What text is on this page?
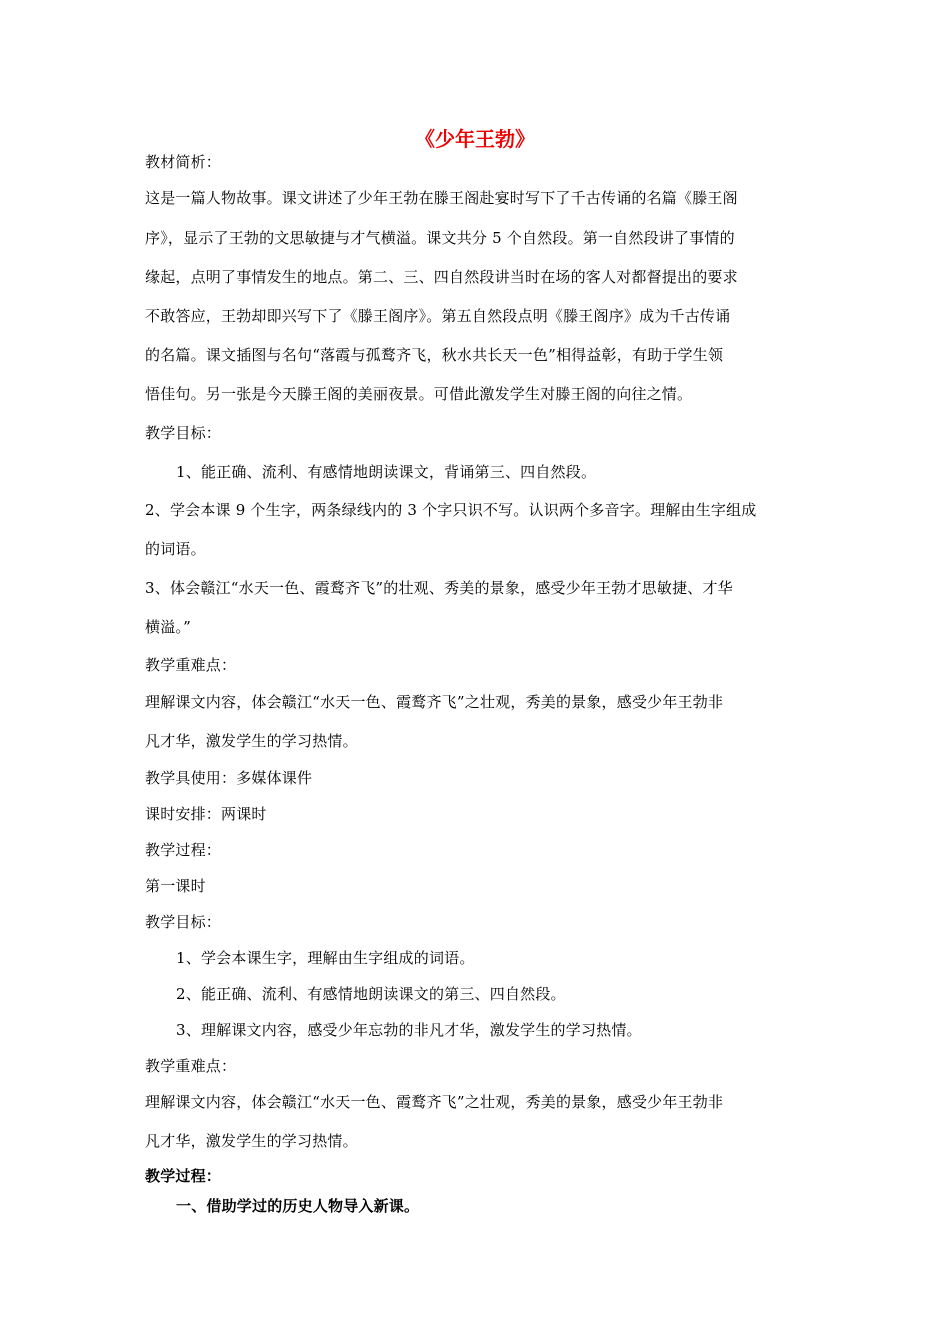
《少年王勃》
教材简析：
这是一篇人物故事。课文讲述了少年王勃在滕王阁赴宴时写下了千古传诵的名篇《滕王阁
序》，显示了王勃的文思敏捷与才气横溢。课文共分 5 个自然段。第一自然段讲了事情的
缘起，点明了事情发生的地点。第二、三、四自然段讲当时在场的客人对都督提出的要求
不敢答应，王勃却即兴写下了《滕王阁序》。第五自然段点明《滕王阁序》成为千古传诵
的名篇。课文插图与名句“落霞与孤鹜齐飞，秋水共长天一色”相得益彰，有助于学生领
悟佳句。另一张是今天滕王阁的美丽夜景。可借此激发学生对滕王阁的向往之情。
教学目标：
1、能正确、流利、有感情地朗读课文，背诵第三、四自然段。
2、学会本课 9 个生字，两条绿线内的 3 个字只识不写。认识两个多音字。理解由生字组成
的词语。
3、体会赣江“水天一色、霞鹜齐飞”的壮观、秀美的景象，感受少年王勃才思敏捷、才华
横溢。”
教学重难点：
理解课文内容，体会赣江“水天一色、霞鹜齐飞”之壮观，秀美的景象，感受少年王勃非
凡才华，激发学生的学习热情。
教学具使用：多媒体课件
课时安排：两课时
教学过程：
第一课时
教学目标：
1、学会本课生字，理解由生字组成的词语。
2、能正确、流利、有感情地朗读课文的第三、四自然段。
3、理解课文内容，感受少年忘勃的非凡才华，激发学生的学习热情。
教学重难点：
理解课文内容，体会赣江“水天一色、霞鹜齐飞”之壮观，秀美的景象，感受少年王勃非
凡才华，激发学生的学习热情。
教学过程：
一、借助学过的历史人物导入新课。
